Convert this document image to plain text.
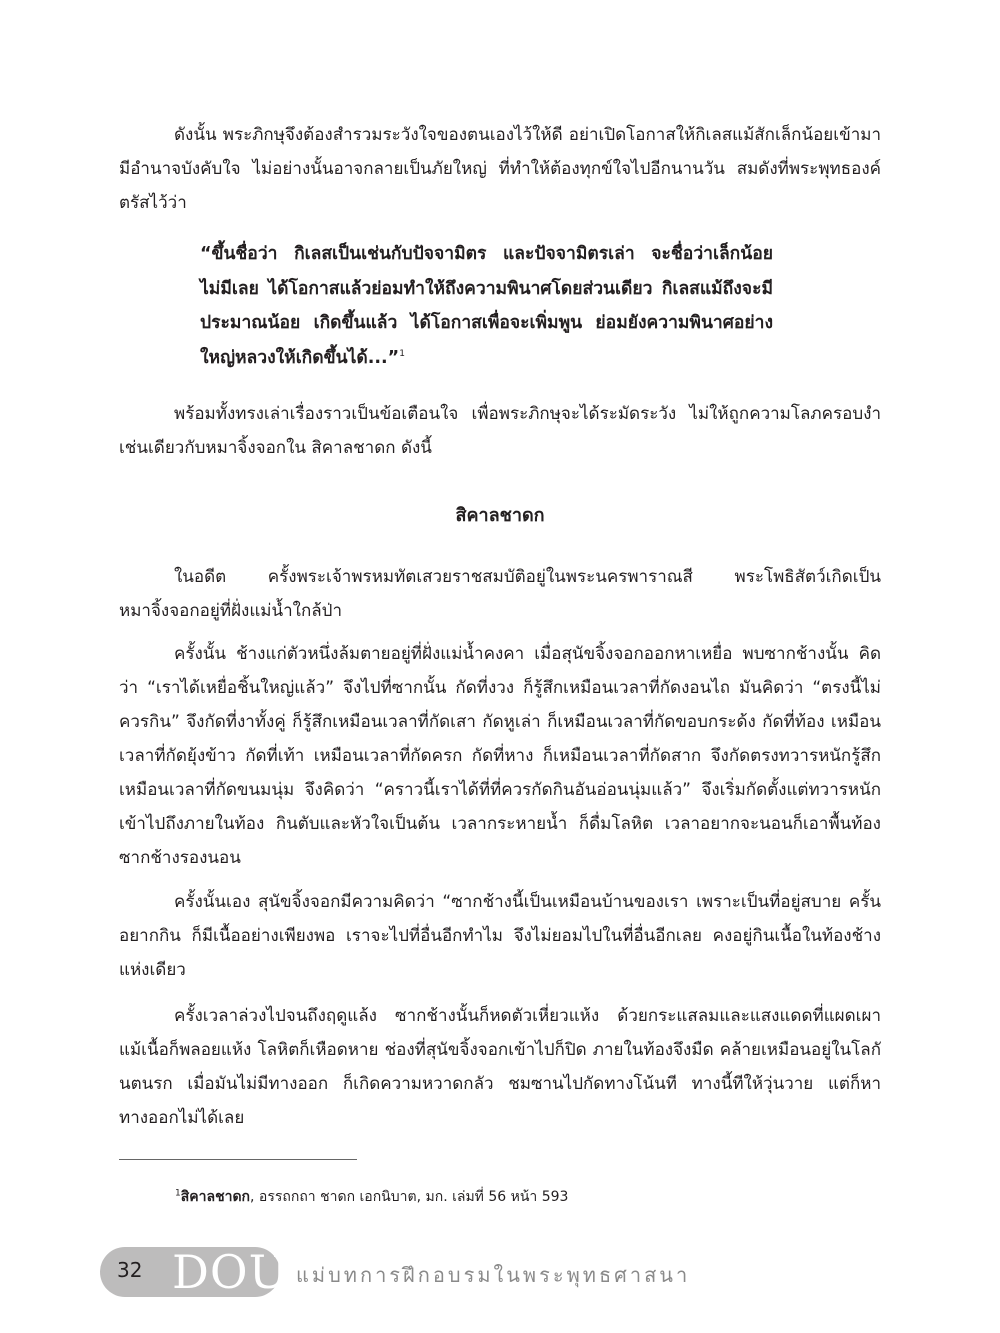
ดังนั้น พระภิกษุจึงต้องสำรวมระวังใจของตนเองไว้ให้ดี อย่าเปิดโอกาสให้กิเลสแม้สักเล็กน้อยเข้ามามีอำนาจบังคับใจ ไม่อย่างนั้นอาจกลายเป็นภัยใหญ่ ที่ทำให้ต้องทุกข์ใจไปอีกนานวัน สมดังที่พระพุทธองค์ตรัสไว้ว่า

“ขึ้นชื่อว่า กิเลสเป็นเช่นกับปัจจามิตร และปัจจามิตรเล่า จะชื่อว่าเล็กน้อยไม่มีเลย ได้โอกาสแล้วย่อมทำให้ถึงความพินาศโดยส่วนเดียว กิเลสแม้ถึงจะมีประมาณน้อย เกิดขึ้นแล้ว ได้โอกาสเพื่อจะเพิ่มพูน ย่อมยังความพินาศอย่างใหญ่หลวงให้เกิดขึ้นได้...”$^1$

พร้อมทั้งทรงเล่าเรื่องราวเป็นข้อเตือนใจ เพื่อพระภิกษุจะได้ระมัดระวัง ไม่ให้ถูกความโลภครอบงำเช่นเดียวกับหมาจิ้งจอกใน สิคาลชาดก ดังนี้

สิคาลชาดก

ในอดีต ครั้งพระเจ้าพรหมทัตเสวยราชสมบัติอยู่ในพระนครพาราณสี พระโพธิสัตว์เกิดเป็นหมาจิ้งจอกอยู่ที่ฝั่งแม่น้ำใกล้ป่า

ครั้งนั้น ช้างแก่ตัวหนึ่งล้มตายอยู่ที่ฝั่งแม่น้ำคงคา เมื่อสุนัขจิ้งจอกออกหาเหยื่อ พบซากช้างนั้น คิดว่า “เราได้เหยื่อชิ้นใหญ่แล้ว” จึงไปที่ซากนั้น กัดที่งวง ก็รู้สึกเหมือนเวลาที่กัดงอนไถ มันคิดว่า “ตรงนี้ไม่ควรกิน” จึงกัดที่งาทั้งคู่ ก็รู้สึกเหมือนเวลาที่กัดเสา กัดหูเล่า ก็เหมือนเวลาที่กัดขอบกระด้ง กัดที่ท้อง เหมือนเวลาที่กัดยุ้งข้าว กัดที่เท้า เหมือนเวลาที่กัดครก กัดที่หาง ก็เหมือนเวลาที่กัดสาก จึงกัดตรงทวารหนักรู้สึกเหมือนเวลาที่กัดขนมนุ่ม จึงคิดว่า “คราวนี้เราได้ที่ที่ควรกัดกินอันอ่อนนุ่มแล้ว” จึงเริ่มกัดตั้งแต่ทวารหนัก เข้าไปถึงภายในท้อง กินตับและหัวใจเป็นต้น เวลากระหายน้ำ ก็ดื่มโลหิต เวลาอยากจะนอนก็เอาพื้นท้องซากช้างรองนอน

ครั้งนั้นเอง สุนัขจิ้งจอกมีความคิดว่า “ซากช้างนี้เป็นเหมือนบ้านของเรา เพราะเป็นที่อยู่สบาย ครั้นอยากกิน ก็มีเนื้ออย่างเพียงพอ เราจะไปที่อื่นอีกทำไม จึงไม่ยอมไปในที่อื่นอีกเลย คงอยู่กินเนื้อในท้องช้างแห่งเดียว

ครั้งเวลาล่วงไปจนถึงฤดูแล้ง ซากช้างนั้นก็หดตัวเหี่ยวแห้ง ด้วยกระแสลมและแสงแดดที่แผดเผา แม้เนื้อก็พลอยแห้ง โลหิตก็เหือดหาย ช่องที่สุนัขจิ้งจอกเข้าไปก็ปิด ภายในท้องจึงมืด คล้ายเหมือนอยู่ในโลกันตนรก เมื่อมันไม่มีทางออก ก็เกิดความหวาดกลัว ชมซานไปกัดทางโน้นที ทางนี้ทีให้วุ่นวาย แต่ก็หาทางออกไม่ได้เลย

$^1$สิคาลชาดก, อรรถกถา ชาดก เอกนิบาต, มก. เล่มที่ 56 หน้า 593

32 DOU แม่บทการฝึกอบรมในพระพุทธศาสนา
